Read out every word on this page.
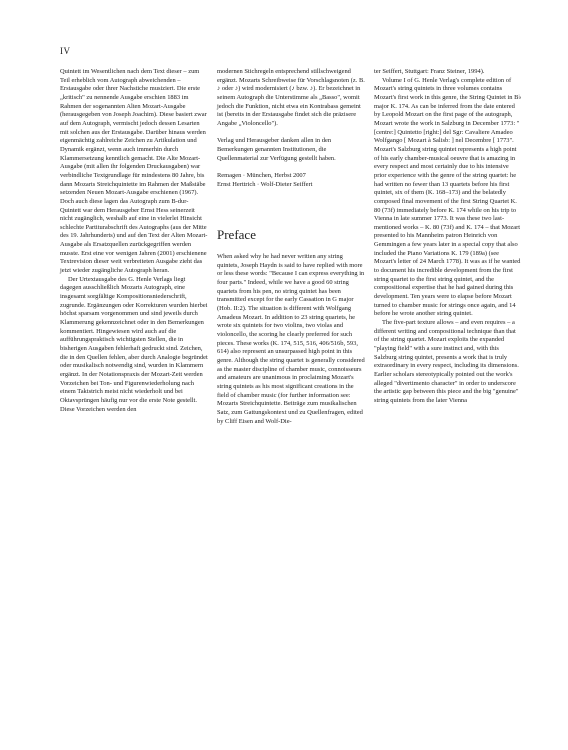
IV

Quintett im Wesentlichen nach dem Text dieser – zum Teil erheblich vom Autograph abweichenden – Erstausgabe oder ihrer Nachstiche musiziert. Die erste „kritisch" zu nennende Ausgabe erschien 1883 im Rahmen der sogenannten Alten Mozart-Ausgabe (herausgegeben von Joseph Joachim). Diese basiert zwar auf dem Autograph, vermischt jedoch dessen Lesarten mit solchen aus der Erstausgabe. Darüber hinaus werden eigenmächtig zahlreiche Zeichen zu Artikulation und Dynamik ergänzt, wenn auch immerhin durch Klammersetzung kenntlich gemacht. Die Alte Mozart-Ausgabe (mit allen ihr folgenden Druckausgaben) war verbindliche Textgrundlage für mindestens 80 Jahre, bis dann Mozarts Streichquintette im Rahmen der Maßstäbe setzenden Neuen Mozart-Ausgabe erschienen (1967). Doch auch diese lagen das Autograph zum B-dur-Quintett war dem Herausgeber Ernst Hess seinerzeit nicht zugänglich, weshalb auf eine in vielerlei Hinsicht schlechte Partiturabschrift des Autographs (aus der Mitte des 19. Jahrhunderts) und auf den Text der Alten Mozart-Ausgabe als Ersatzquellen zurückgegriffen werden musste. Erst eine vor wenigen Jahren (2001) erschienene Textrevision dieser weit verbreiteten Ausgabe zieht das jetzt wieder zugängliche Autograph heran.

Der Urtextausgabe des G. Henle Verlags liegt dagegen ausschließlich Mozarts Autograph, eine insgesamt sorgfältige Kompositionsniederschrift, zugrunde. Ergänzungen oder Korrekturen wurden hierbei höchst sparsam vorgenommen und sind jeweils durch Klammerung gekennzeichnet oder in den Bemerkungen kommentiert. Hingewiesen wird auch auf die aufführungspraktisch wichtigsten Stellen, die in bisherigen Ausgaben fehlerhaft gedruckt sind. Zeichen, die in den Quellen fehlen, aber durch Analogie begründet oder musikalisch notwendig sind, wurden in Klammern ergänzt. In der Notationspraxis der Mozart-Zeit werden Vorzeichen bei Ton- und Figurenwiederholung nach einem Taktstrich meist nicht wiederholt und bei Oktavsprüngen häufig nur vor die erste Note gestellt. Diese Vorzeichen werden den

modernen Stichregeln entsprechend stillschweigend ergänzt. Mozarts Schreibweise für Vorschlagsnoten (z. B. ♪ oder ♪) wird modernisiert (♪ bzw. ♪). Er bezeichnet in seinem Autograph die Unterstimme als „Basso", womit jedoch die Funktion, nicht etwa ein Kontrabass gemeint ist (bereits in der Erstausgabe findet sich die präzisere Angabe „Violoncello").

Verlag und Herausgeber danken allen in den Bemerkungen genannten Institutionen, die Quellenmaterial zur Verfügung gestellt haben.

Remagen · München, Herbst 2007

Ernst Herttrich · Wolf-Dieter Seiffert

Preface

When asked why he had never written any string quintets, Joseph Haydn is said to have replied with more or less these words: "Because I can express everything in four parts." Indeed, while we have a good 60 string quartets from his pen, no string quintet has been transmitted except for the early Cassation in G major (Hob. II:2). The situation is different with Wolfgang Amadeus Mozart. In addition to 23 string quartets, he wrote six quintets for two violins, two violas and violoncello, the scoring he clearly preferred for such pieces. These works (K. 174, 515, 516, 406/516b, 593, 614) also represent an unsurpassed high point in this genre. Although the string quartet is generally considered as the master discipline of chamber music, connoisseurs and amateurs are unanimous in proclaiming Mozart's string quintets as his most significant creations in the field of chamber music (for further information see: Mozarts Streichquintette. Beiträge zum musikalischen Satz, zum Gattungskontext und zu Quellenfragen, edited by Cliff Eisen and Wolf-Die-

ter Seiffert, Stuttgart: Franz Steiner, 1994).

Volume I of G. Henle Verlag's complete edition of Mozart's string quintets in three volumes contains Mozart's first work in this genre, the String Quintet in B♭ major K. 174. As can be inferred from the date entered by Leopold Mozart on the first page of the autograph, Mozart wrote the work in Salzburg in December 1773: "[centre:] Quintetto [right:] del Sgr: Cavaliere Amadeo Wolfgango [ Mozart à Salisb: ] nel Decembre [ 1773". Mozart's Salzburg string quintet represents a high point of his early chamber-musical oeuvre that is amazing in every respect and most certainly due to his intensive prior experience with the genre of the string quartet: he had written no fewer than 13 quartets before his first quintet, six of them (K. 168–173) and the belatedly composed final movement of the first String Quartet K. 80 (73f) immediately before K. 174 while on his trip to Vienna in late summer 1773. It was these two last-mentioned works – K. 80 (73f) and K. 174 – that Mozart presented to his Mannheim patron Heinrich von Gemmingen a few years later in a special copy that also included the Piano Variations K. 179 (189a) (see Mozart's letter of 24 March 1778). It was as if he wanted to document his incredible development from the first string quartet to the first string quintet, and the compositional expertise that he had gained during this development. Ten years were to elapse before Mozart turned to chamber music for strings once again, and 14 before he wrote another string quintet.

The five-part texture allows – and even requires – a different writing and compositional technique than that of the string quartet. Mozart exploits the expanded "playing field" with a sure instinct and, with this Salzburg string quintet, presents a work that is truly extraordinary in every respect, including its dimensions. Earlier scholars stereotypically pointed out the work's alleged "divertimento character" in order to underscore the artistic gap between this piece and the big "genuine" string quintets from the later Vienna
